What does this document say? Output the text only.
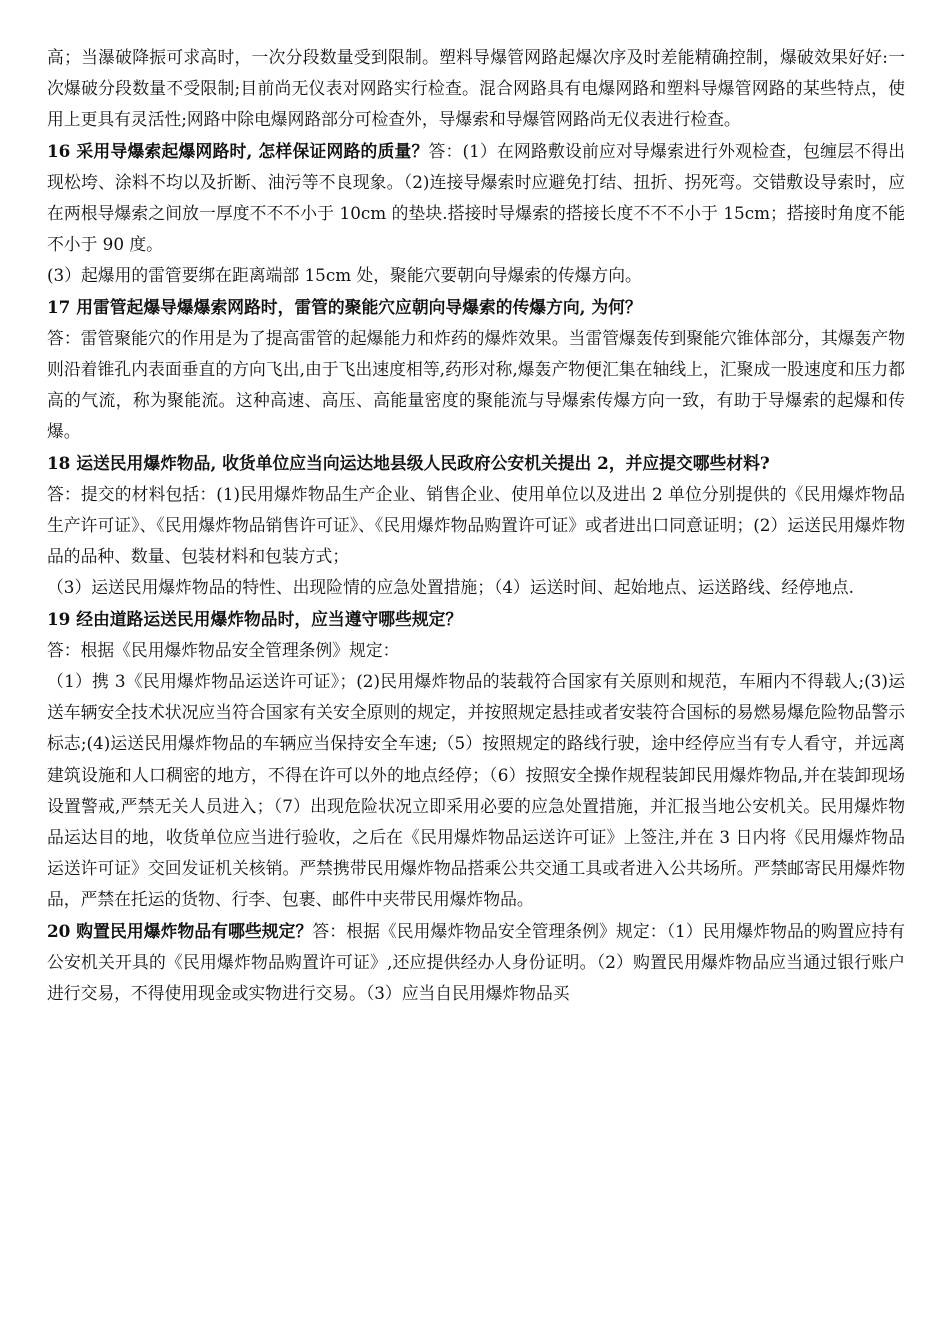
高；当瀑破降振可求高时，一次分段数量受到限制。塑料导爆管网路起爆次序及时差能精确控制，爆破效果好好:一次爆破分段数量不受限制;目前尚无仪表对网路实行检查。混合网路具有电爆网路和塑料导爆管网路的某些特点，使用上更具有灵活性;网路中除电爆网路部分可检查外，导爆索和导爆管网路尚无仪表进行检查。

16 采用导爆索起爆网路时, 怎样保证网路的质量？答：(1）在网路敷设前应对导爆索进行外观检查，包缠层不得出现松垮、涂料不均以及折断、油污等不良现象。（2)连接导爆索时应避免打结、扭折、拐死弯。交错敷设导索时，应在两根导爆索之间放一厚度不不不小于 10cm 的垫块.搭接时导爆索的搭接长度不不不小于 15cm；搭接时角度不能不小于 90 度。

(3）起爆用的雷管要绑在距离端部 15cm 处，聚能穴要朝向导爆索的传爆方向。

17 用雷管起爆导爆爆索网路时，雷管的聚能穴应朝向导爆索的传爆方向, 为何？

答：雷管聚能穴的作用是为了提高雷管的起爆能力和炸药的爆炸效果。当雷管爆轰传到聚能穴锥体部分，其爆轰产物则沿着锥孔内表面垂直的方向飞出,由于飞出速度相等,药形对称,爆轰产物便汇集在轴线上，汇聚成一股速度和压力都高的气流，称为聚能流。这种高速、高压、高能量密度的聚能流与导爆索传爆方向一致，有助于导爆索的起爆和传爆。

18 运送民用爆炸物品, 收货单位应当向运达地县级人民政府公安机关提出 2，并应提交哪些材料?

答：提交的材料包括：(1)民用爆炸物品生产企业、销售企业、使用单位以及进出 2 单位分别提供的《民用爆炸物品生产许可证》、《民用爆炸物品销售许可证》、《民用爆炸物品购置许可证》或者进出口同意证明；(2）运送民用爆炸物品的品种、数量、包装材料和包装方式；

（3）运送民用爆炸物品的特性、出现险情的应急处置措施；（4）运送时间、起始地点、运送路线、经停地点.

19 经由道路运送民用爆炸物品时，应当遵守哪些规定？

答：根据《民用爆炸物品安全管理条例》规定：

（1）携 3《民用爆炸物品运送许可证》；(2)民用爆炸物品的装载符合国家有关原则和规范，车厢内不得载人;(3)运送车辆安全技术状况应当符合国家有关安全原则的规定，并按照规定悬挂或者安装符合国标的易燃易爆危险物品警示标志;(4)运送民用爆炸物品的车辆应当保持安全车速;（5）按照规定的路线行驶，途中经停应当有专人看守，并远离建筑设施和人口稠密的地方，不得在许可以外的地点经停；（6）按照安全操作规程装卸民用爆炸物品,并在装卸现场设置警戒,严禁无关人员进入；（7）出现危险状况立即采用必要的应急处置措施，并汇报当地公安机关。民用爆炸物品运达目的地，收货单位应当进行验收，之后在《民用爆炸物品运送许可证》上签注,并在 3 日内将《民用爆炸物品运送许可证》交回发证机关核销。严禁携带民用爆炸物品搭乘公共交通工具或者进入公共场所。严禁邮寄民用爆炸物品，严禁在托运的货物、行李、包裹、邮件中夹带民用爆炸物品。

20 购置民用爆炸物品有哪些规定？答：根据《民用爆炸物品安全管理条例》规定：（1）民用爆炸物品的购置应持有公安机关开具的《民用爆炸物品购置许可证》,还应提供经办人身份证明。（2）购置民用爆炸物品应当通过银行账户进行交易，不得使用现金或实物进行交易。（3）应当自民用爆炸物品买
